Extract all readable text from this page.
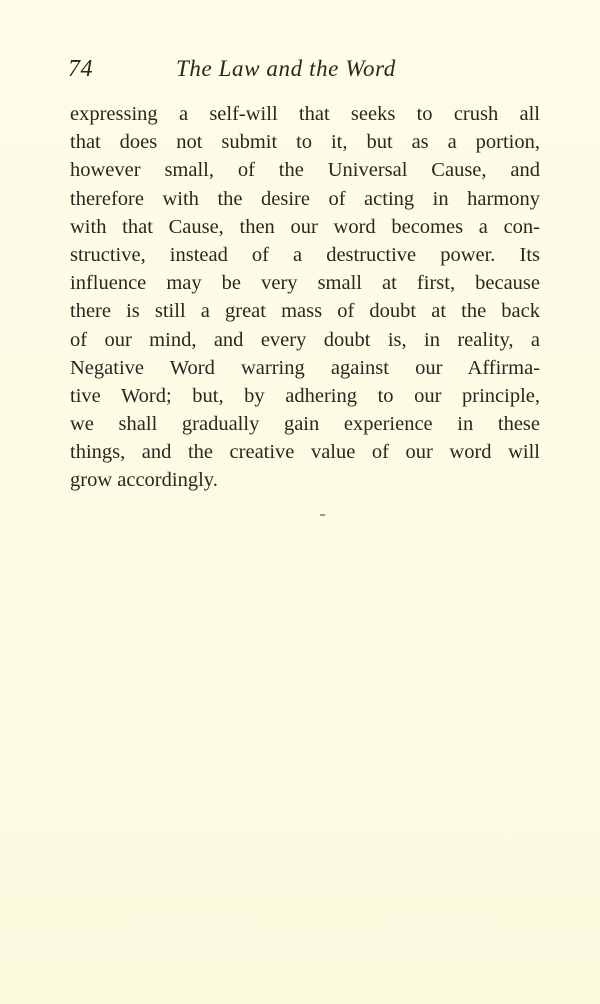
74	The Law and the Word
expressing a self-will that seeks to crush all
that does not submit to it, but as a portion,
however small, of the Universal Cause, and
therefore with the desire of acting in harmony
with that Cause, then our word becomes a con-
structive, instead of a destructive power. Its
influence may be very small at first, because
there is still a great mass of doubt at the back
of our mind, and every doubt is, in reality, a
Negative Word warring against our Affirma-
tive Word; but, by adhering to our principle,
we shall gradually gain experience in these
things, and the creative value of our word will
grow accordingly.
